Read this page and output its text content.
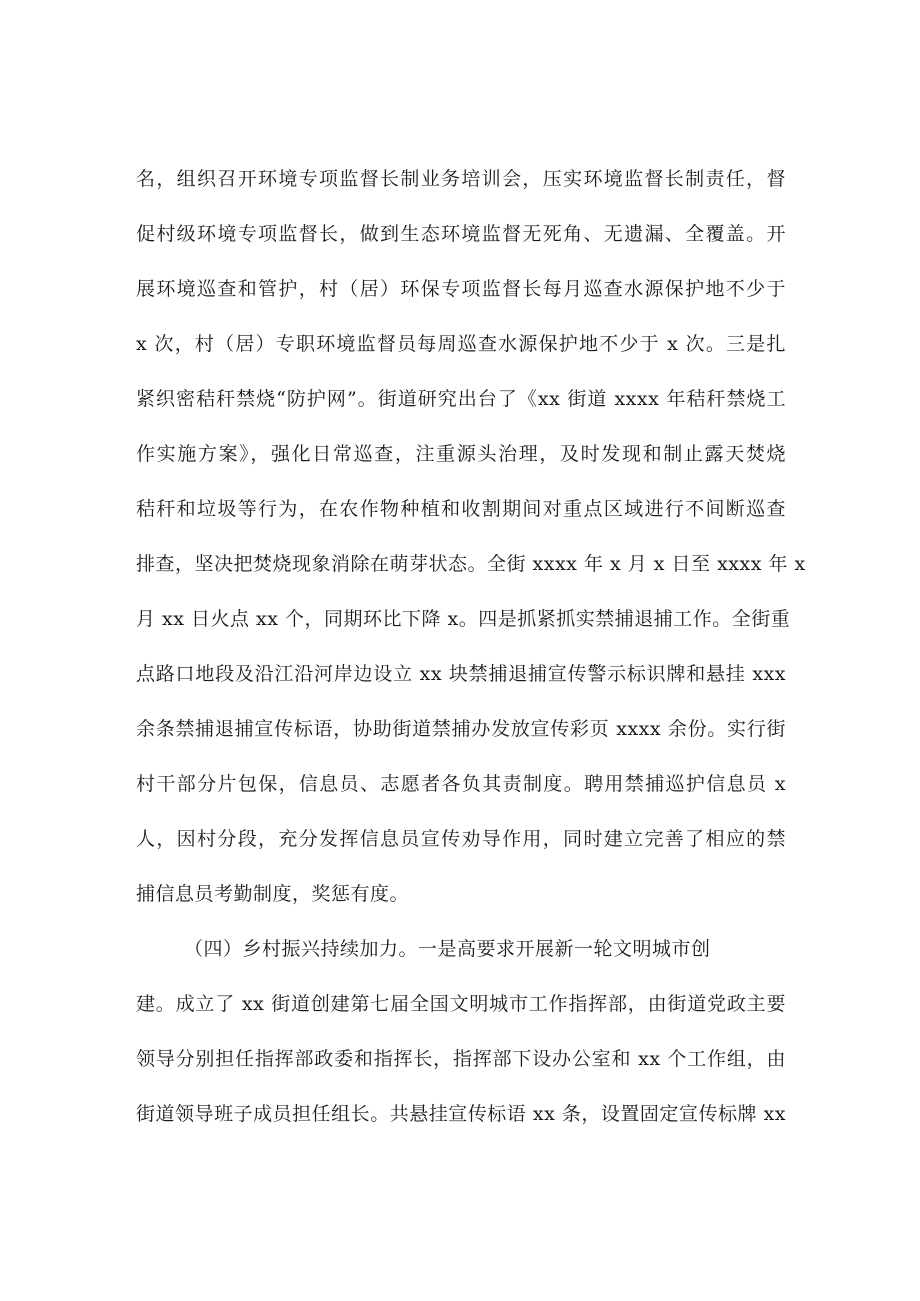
名，组织召开环境专项监督长制业务培训会，压实环境监督长制责任，督
促村级环境专项监督长，做到生态环境监督无死角、无遗漏、全覆盖。开
展环境巡查和管护，村（居）环保专项监督长每月巡查水源保护地不少于
x 次，村（居）专职环境监督员每周巡查水源保护地不少于 x 次。三是扎
紧织密秸秆禁烧“防护网”。街道研究出台了《xx 街道 xxxx 年秸秆禁烧工
作实施方案》，强化日常巡查，注重源头治理，及时发现和制止露天焚烧
秸秆和垃圾等行为，在农作物种植和收割期间对重点区域进行不间断巡查
排查，坚决把焚烧现象消除在萌芽状态。全街 xxxx 年 x 月 x 日至 xxxx 年 x
月 xx 日火点 xx 个，同期环比下降 x。四是抓紧抓实禁捕退捕工作。全街重
点路口地段及沿江沿河岸边设立 xx 块禁捕退捕宣传警示标识牌和悬挂 xxx
余条禁捕退捕宣传标语，协助街道禁捕办发放宣传彩页 xxxx 余份。实行街
村干部分片包保，信息员、志愿者各负其责制度。聘用禁捕巡护信息员 x
人，因村分段，充分发挥信息员宣传劝导作用，同时建立完善了相应的禁
捕信息员考勤制度，奖惩有度。
（四）乡村振兴持续加力。一是高要求开展新一轮文明城市创
建。成立了 xx 街道创建第七届全国文明城市工作指挥部，由街道党政主要
领导分别担任指挥部政委和指挥长，指挥部下设办公室和 xx 个工作组，由
街道领导班子成员担任组长。共悬挂宣传标语 xx 条，设置固定宣传标牌 xx
